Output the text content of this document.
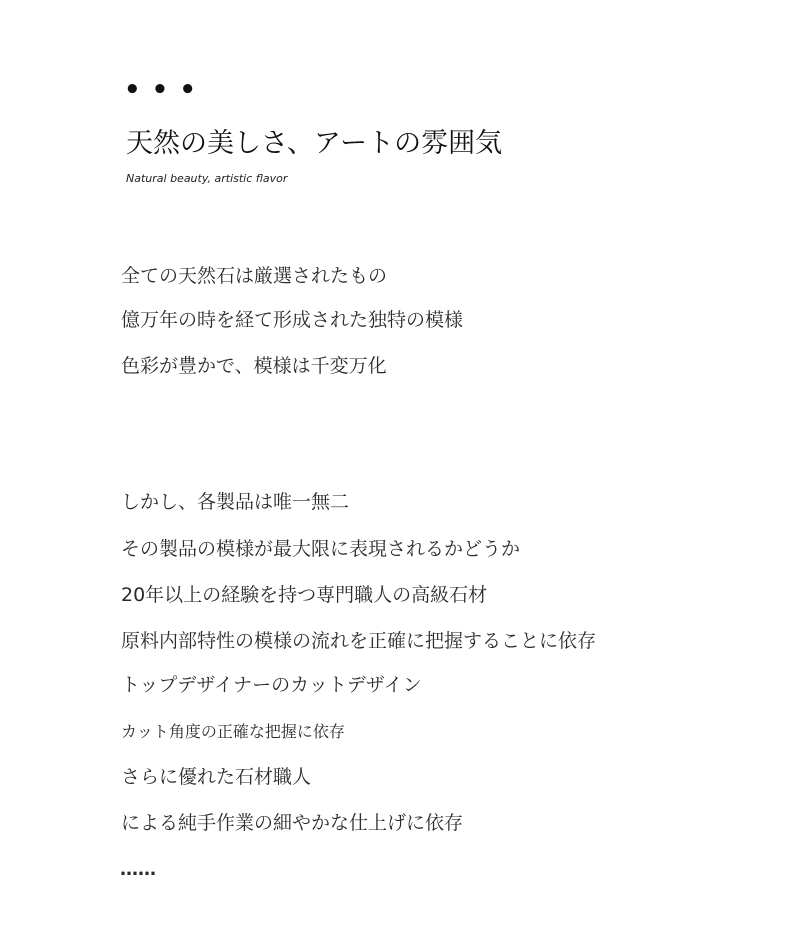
• • •
天然の美しさ、アートの雰囲気
Natural beauty, artistic flavor
全ての天然石は厳選されたもの
億万年の時を経て形成された独特の模様
色彩が豊かで、模様は千変万化
しかし、各製品は唯一無二
その製品の模様が最大限に表現されるかどうか
20年以上の経験を持つ専門職人の高級石材
原料内部特性の模様の流れを正確に把握することに依存
トップデザイナーのカットデザイン
カット角度の正確な把握に依存
さらに優れた石材職人
による純手作業の細やかな仕上げに依存
……
